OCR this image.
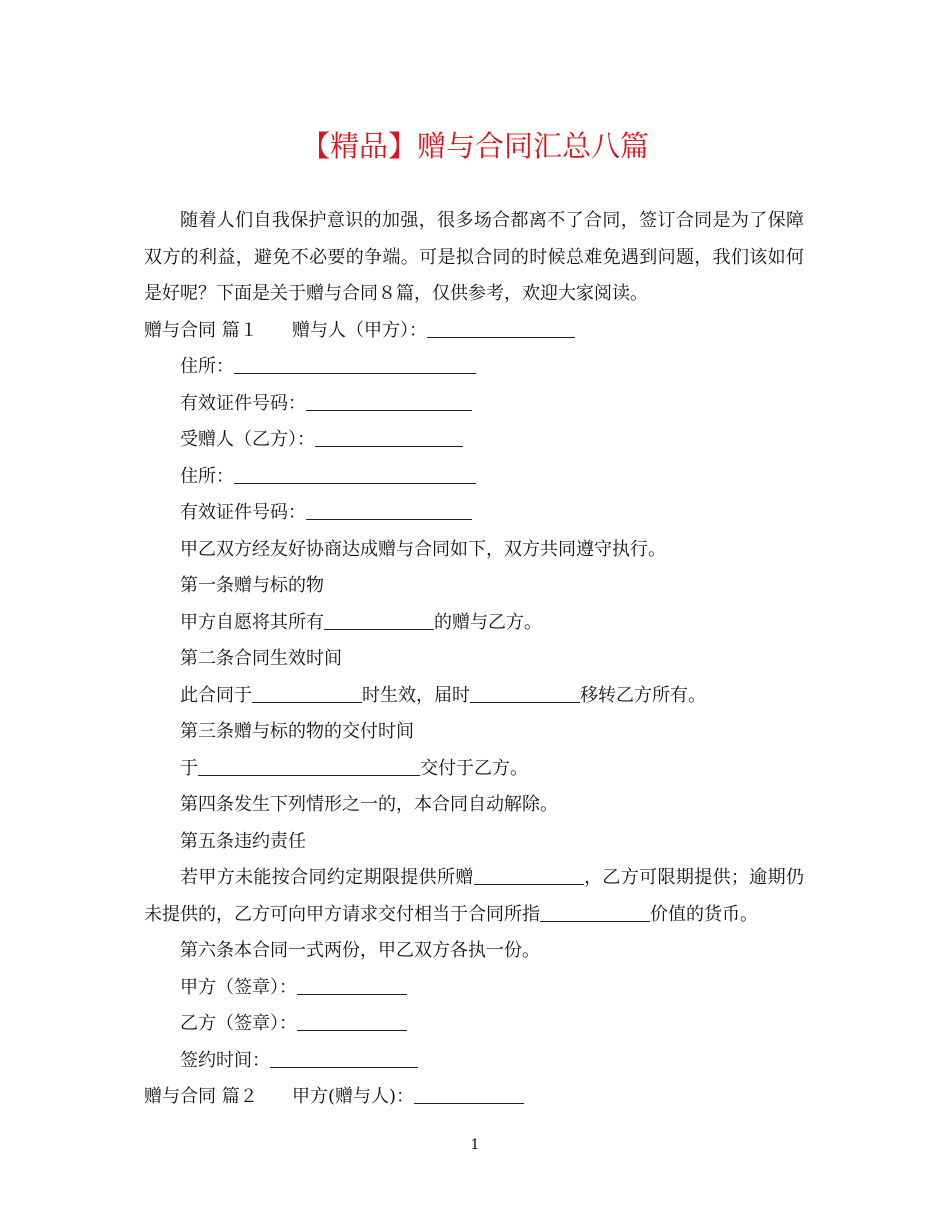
【精品】赠与合同汇总八篇

随着人们自我保护意识的加强，很多场合都离不了合同，签订合同是为了保障双方的利益，避免不必要的争端。可是拟合同的时候总难免遇到问题，我们该如何是好呢？下面是关于赠与合同８篇，仅供参考，欢迎大家阅读。

赠与合同 篇１ 赠与人（甲方）：

住所：

有效证件号码：

受赠人（乙方）：

住所：

有效证件号码：

甲乙双方经友好协商达成赠与合同如下，双方共同遵守执行。

第一条赠与标的物

甲方自愿将其所有	的赠与乙方。

第二条合同生效时间

此合同于	时生效，届时	移转乙方所有。

第三条赠与标的物的交付时间

于	交付于乙方。

第四条发生下列情形之一的，本合同自动解除。

第五条违约责任

若甲方未能按合同约定期限提供所赠	，乙方可限期提供；逾期仍未提供的，乙方可向甲方请求交付相当于合同所指	价值的货币。

第六条本合同一式两份，甲乙双方各执一份。

甲方（签章）：

乙方（签章）：

签约时间：

赠与合同 篇２ 甲方(赠与人)：

1
